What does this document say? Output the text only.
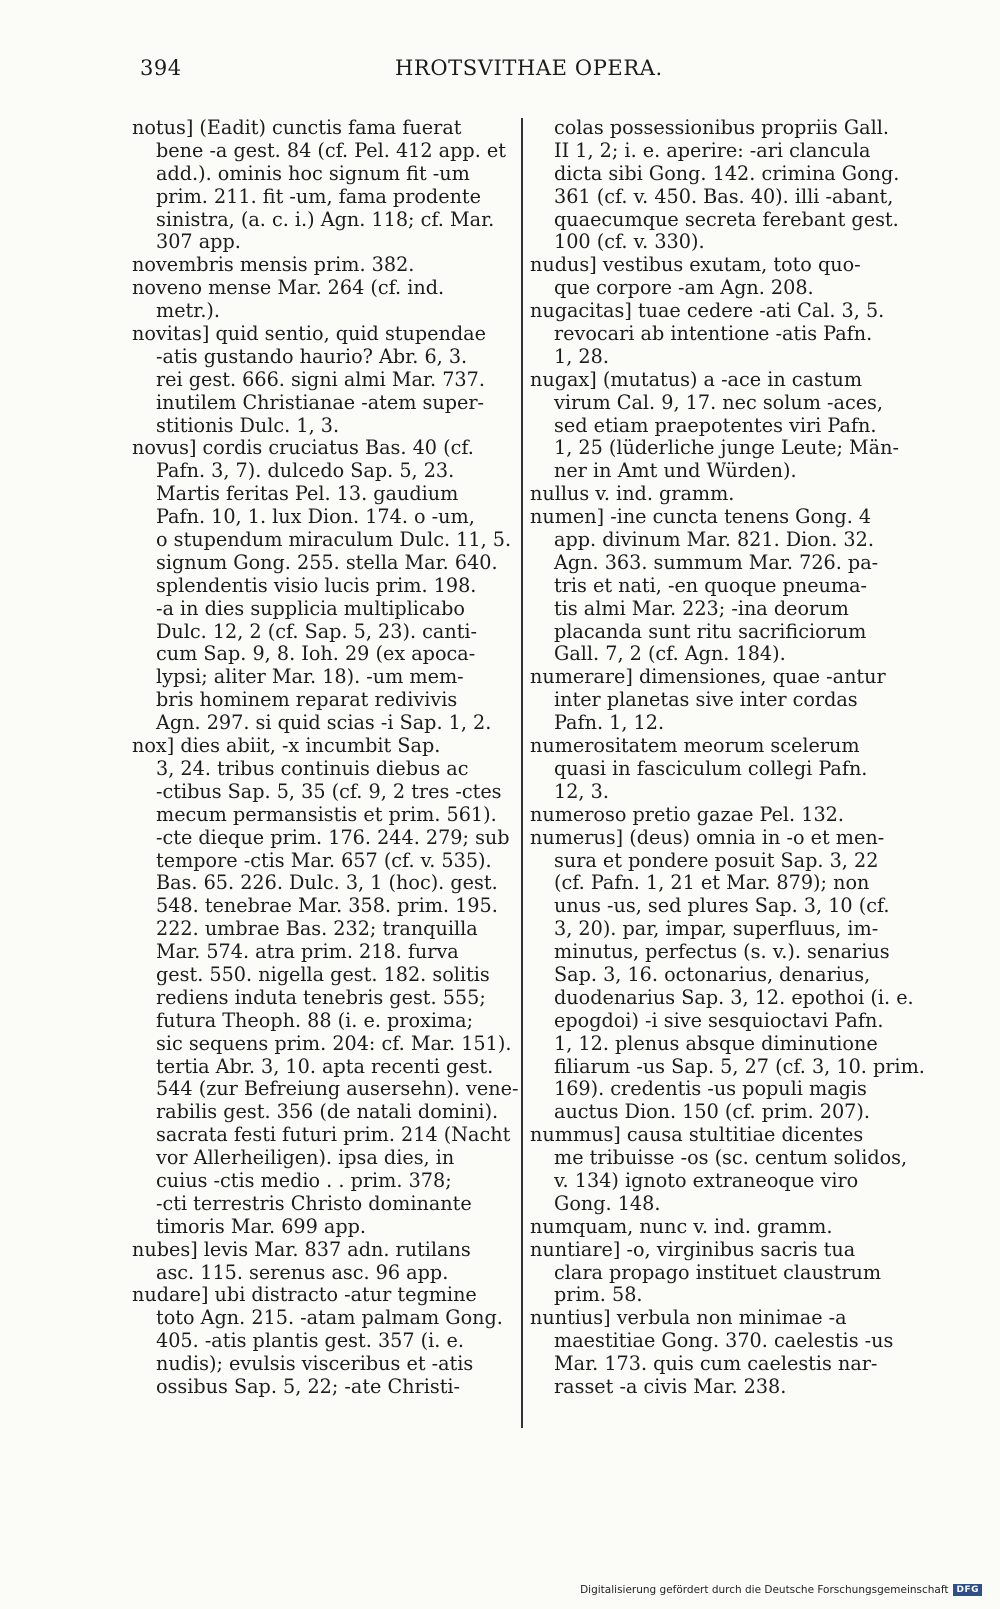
394	HROTSVITHAE OPERA.
notus] (Eadit) cunctis fama fuerat
bene -a gest. 84 (cf. Pel. 412 app. et
add.). ominis hoc signum fit -um
prim. 211. fit -um, fama prodente
sinistra, (a. c. i.) Agn. 118; cf. Mar.
307 app.
novembris mensis prim. 382.
noveno mense Mar. 264 (cf. ind.
metr.).
novitas] quid sentio, quid stupendae
-atis gustando haurio? Abr. 6, 3.
rei gest. 666. signi almi Mar. 737.
inutilem Christianae -atem super-
stitionis Dulc. 1, 3.
novus] cordis cruciatus Bas. 40 (cf.
Pafn. 3, 7). dulcedo Sap. 5, 23.
Martis feritas Pel. 13. gaudium
Pafn. 10, 1. lux Dion. 174. o -um,
o stupendum miraculum Dulc. 11, 5.
signum Gong. 255. stella Mar. 640.
splendentis visio lucis prim. 198.
-a in dies supplicia multiplicabo
Dulc. 12, 2 (cf. Sap. 5, 23). canti-
cum Sap. 9, 8. Ioh. 29 (ex apoca-
lypsi; aliter Mar. 18). -um mem-
bris hominem reparat redivivis
Agn. 297. si quid scias -i Sap. 1, 2.
nox] dies abiit, -x incumbit Sap.
3, 24. tribus continuis diebus ac
-ctibus Sap. 5, 35 (cf. 9, 2 tres -ctes
mecum permansistis et prim. 561).
-cte dieque prim. 176. 244. 279; sub
tempore -ctis Mar. 657 (cf. v. 535).
Bas. 65. 226. Dulc. 3, 1 (hoc). gest.
548. tenebrae Mar. 358. prim. 195.
222. umbrae Bas. 232; tranquilla
Mar. 574. atra prim. 218. furva
gest. 550. nigella gest. 182. solitis
rediens induta tenebris gest. 555;
futura Theoph. 88 (i. e. proxima;
sic sequens prim. 204: cf. Mar. 151).
tertia Abr. 3, 10. apta recenti gest.
544 (zur Befreiung ausersehn). vene-
rabilis gest. 356 (de natali domini).
sacrata festi futuri prim. 214 (Nacht
vor Allerheiligen). ipsa dies, in
cuius -ctis medio . . prim. 378;
-cti terrestris Christo dominante
timoris Mar. 699 app.
nubes] levis Mar. 837 adn. rutilans
asc. 115. serenus asc. 96 app.
nudare] ubi distracto -atur tegmine
toto Agn. 215. -atam palmam Gong.
405. -atis plantis gest. 357 (i. e.
nudis); evulsis visceribus et -atis
ossibus Sap. 5, 22; -ate Christi-
colas possessionibus propriis Gall.
II 1, 2; i. e. aperire: -ari clancula
dicta sibi Gong. 142. crimina Gong.
361 (cf. v. 450. Bas. 40). illi -abant,
quaecumque secreta ferebant gest.
100 (cf. v. 330).
nudus] vestibus exutam, toto quo-
que corpore -am Agn. 208.
nugacitas] tuae cedere -ati Cal. 3, 5.
revocari ab intentione -atis Pafn.
1, 28.
nugax] (mutatus) a -ace in castum
virum Cal. 9, 17. nec solum -aces,
sed etiam praepotentes viri Pafn.
1, 25 (lüderliche junge Leute; Män-
ner in Amt und Würden).
nullus v. ind. gramm.
numen] -ine cuncta tenens Gong. 4
app. divinum Mar. 821. Dion. 32.
Agn. 363. summum Mar. 726. pa-
tris et nati, -en quoque pneuma-
tis almi Mar. 223; -ina deorum
placanda sunt ritu sacrificiorum
Gall. 7, 2 (cf. Agn. 184).
numerare] dimensiones, quae -antur
inter planetas sive inter cordas
Pafn. 1, 12.
numerositatem meorum scelerum
quasi in fasciculum collegi Pafn.
12, 3.
numeroso pretio gazae Pel. 132.
numerus] (deus) omnia in -o et men-
sura et pondere posuit Sap. 3, 22
(cf. Pafn. 1, 21 et Mar. 879); non
unus -us, sed plures Sap. 3, 10 (cf.
3, 20). par, impar, superfluus, im-
minutus, perfectus (s. v.). senarius
Sap. 3, 16. octonarius, denarius,
duodenarius Sap. 3, 12. epothoi (i. e.
epogdoi) -i sive sesquioctavi Pafn.
1, 12. plenus absque diminutione
filiarum -us Sap. 5, 27 (cf. 3, 10. prim.
169). credentis -us populi magis
auctus Dion. 150 (cf. prim. 207).
nummus] causa stultitiae dicentes
me tribuisse -os (sc. centum solidos,
v. 134) ignoto extraneoque viro
Gong. 148.
numquam, nunc v. ind. gramm.
nuntiare] -o, virginibus sacris tua
clara propago instituet claustrum
prim. 58.
nuntius] verbula non minimae -a
maestitiae Gong. 370. caelestis -us
Mar. 173. quis cum caelestis nar-
rasset -a civis Mar. 238.
Digitalisierung gefördert durch die Deutsche Forschungsgemeinschaft DFG
